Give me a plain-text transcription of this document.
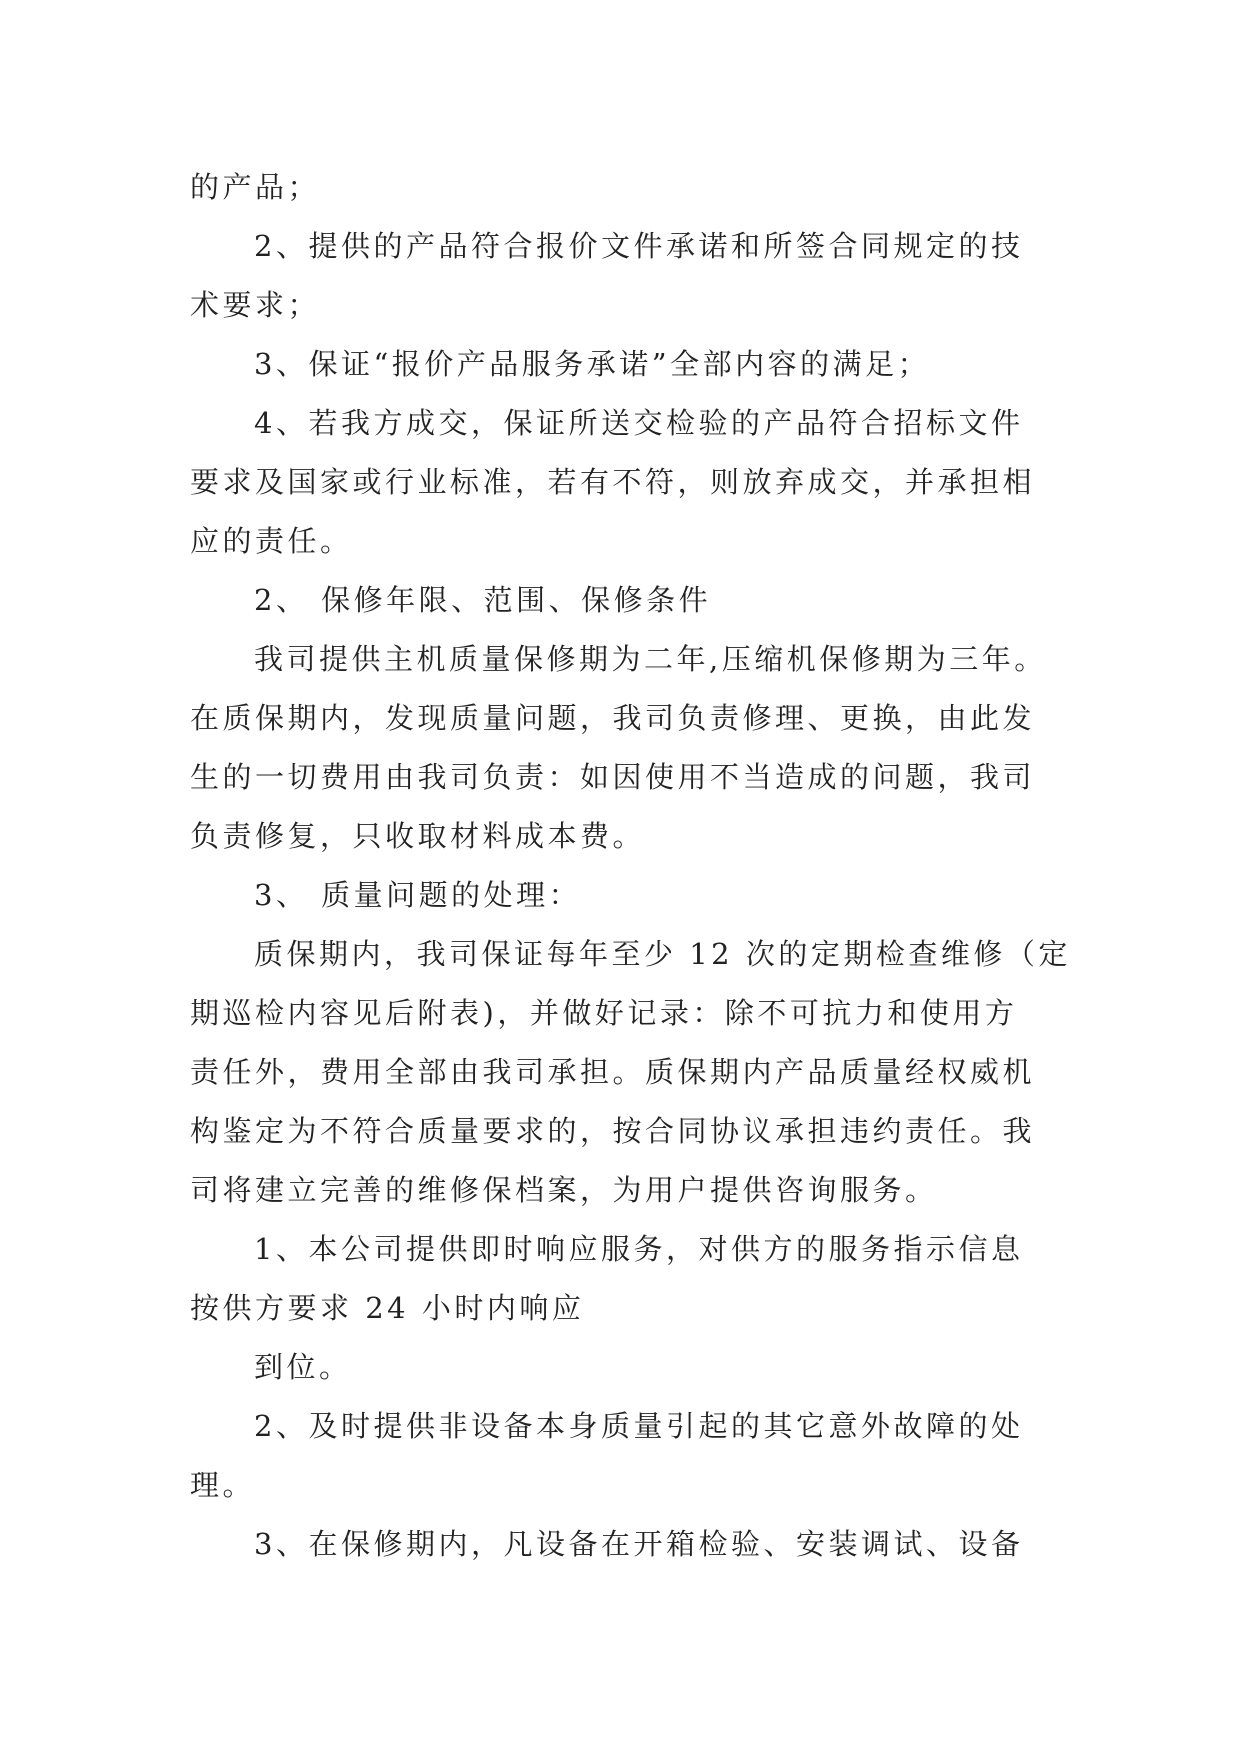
的产品；
2、提供的产品符合报价文件承诺和所签合同规定的技
术要求；
3、保证“报价产品服务承诺”全部内容的满足；
4、若我方成交，保证所送交检验的产品符合招标文件
要求及国家或行业标准，若有不符，则放弃成交，并承担相
应的责任。
2、 保修年限、范围、保修条件
我司提供主机质量保修期为二年,压缩机保修期为三年。
在质保期内，发现质量问题，我司负责修理、更换，由此发
生的一切费用由我司负责：如因使用不当造成的问题，我司
负责修复，只收取材料成本费。
3、 质量问题的处理：
质保期内，我司保证每年至少 12 次的定期检查维修（定
期巡检内容见后附表)，并做好记录：除不可抗力和使用方
责任外，费用全部由我司承担。质保期内产品质量经权威机
构鉴定为不符合质量要求的，按合同协议承担违约责任。我
司将建立完善的维修保档案，为用户提供咨询服务。
1、本公司提供即时响应服务，对供方的服务指示信息
按供方要求 24 小时内响应
到位。
2、及时提供非设备本身质量引起的其它意外故障的处
理。
3、在保修期内，凡设备在开箱检验、安装调试、设备
